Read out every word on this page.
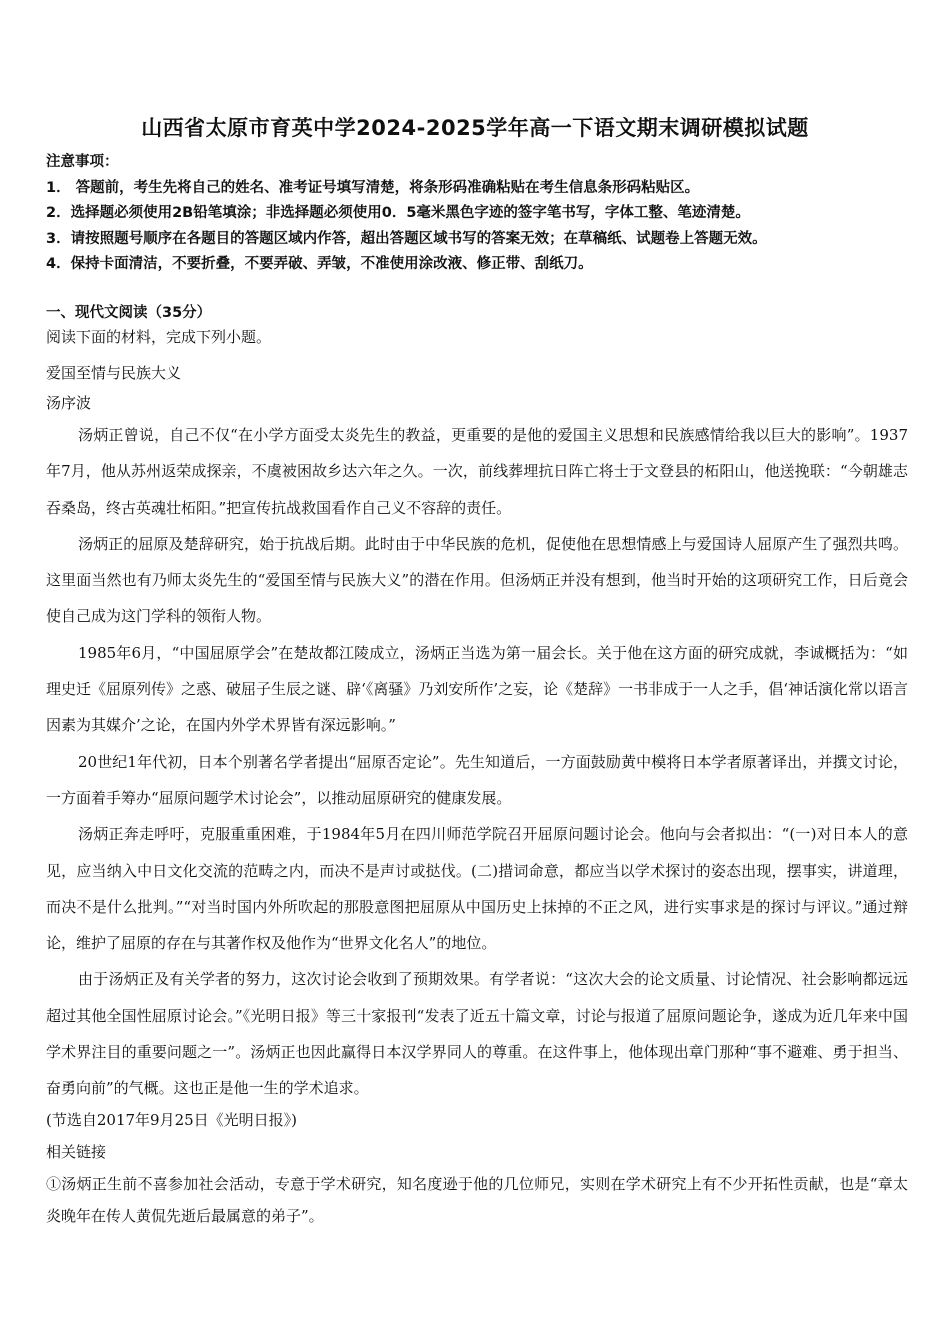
山西省太原市育英中学2024-2025学年高一下语文期末调研模拟试题
注意事项：
1． 答题前，考生先将自己的姓名、准考证号填写清楚，将条形码准确粘贴在考生信息条形码粘贴区。
2．选择题必须使用2B铅笔填涂；非选择题必须使用0．5毫米黑色字迹的签字笔书写，字体工整、笔迹清楚。
3．请按照题号顺序在各题目的答题区域内作答，超出答题区域书写的答案无效；在草稿纸、试题卷上答题无效。
4．保持卡面清洁，不要折叠，不要弄破、弄皱，不准使用涂改液、修正带、刮纸刀。
一、现代文阅读（35分）
阅读下面的材料，完成下列小题。
爱国至情与民族大义
汤序波

汤炳正曾说，自己不仅“在小学方面受太炎先生的教益，更重要的是他的爱国主义思想和民族感情给我以巨大的影响”。1937年7月，他从苏州返荣成探亲，不虞被困故乡达六年之久。一次，前线葬埋抗日阵亡将士于文登县的柘阳山，他送挽联：“今朝雄志吞桑岛，终古英魂壮柘阳。”把宣传抗战救国看作自己义不容辞的责任。

汤炳正的屈原及楚辞研究，始于抗战后期。此时由于中华民族的危机，促使他在思想情感上与爱国诗人屈原产生了强烈共鸣。这里面当然也有乃师太炎先生的“爱国至情与民族大义”的潜在作用。但汤炳正并没有想到，他当时开始的这项研究工作，日后竟会使自己成为这门学科的领衔人物。

1985年6月，“中国屈原学会”在楚故都江陵成立，汤炳正当选为第一届会长。关于他在这方面的研究成就，李诚概括为：“如理史迁《屈原列传》之惑、破屈子生辰之谜、辟‘《离骚》乃刘安所作’之妄，论《楚辞》一书非成于一人之手，倡‘神话演化常以语言因素为其媒介’之论，在国内外学术界皆有深远影响。”

20世纪1年代初，日本个别著名学者提出“屈原否定论”。先生知道后，一方面鼓励黄中模将日本学者原著译出，并撰文讨论，一方面着手筹办“屈原问题学术讨论会”，以推动屈原研究的健康发展。

汤炳正奔走呼吁，克服重重困难，于1984年5月在四川师范学院召开屈原问题讨论会。他向与会者拟出：“(一)对日本人的意见，应当纳入中日文化交流的范畴之内，而决不是声讨或挞伐。(二)措词命意，都应当以学术探讨的姿态出现，摆事实，讲道理，而决不是什么批判。”“对当时国内外所吹起的那股意图把屈原从中国历史上抹掉的不正之风，进行实事求是的探讨与评议。”通过辩论，维护了屈原的存在与其著作权及他作为“世界文化名人”的地位。

由于汤炳正及有关学者的努力，这次讨论会收到了预期效果。有学者说：“这次大会的论文质量、讨论情况、社会影响都远远超过其他全国性屈原讨论会。”《光明日报》等三十家报刊“发表了近五十篇文章，讨论与报道了屈原问题论争，遂成为近几年来中国学术界注目的重要问题之一”。汤炳正也因此赢得日本汉学界同人的尊重。在这件事上，他体现出章门那种“事不避难、勇于担当、奋勇向前”的气概。这也正是他一生的学术追求。

(节选自2017年9月25日《光明日报》)
相关链接

①汤炳正生前不喜参加社会活动，专意于学术研究，知名度逊于他的几位师兄，实则在学术研究上有不少开拓性贡献，也是“章太炎晚年在传人黄侃先逝后最属意的弟子”。
